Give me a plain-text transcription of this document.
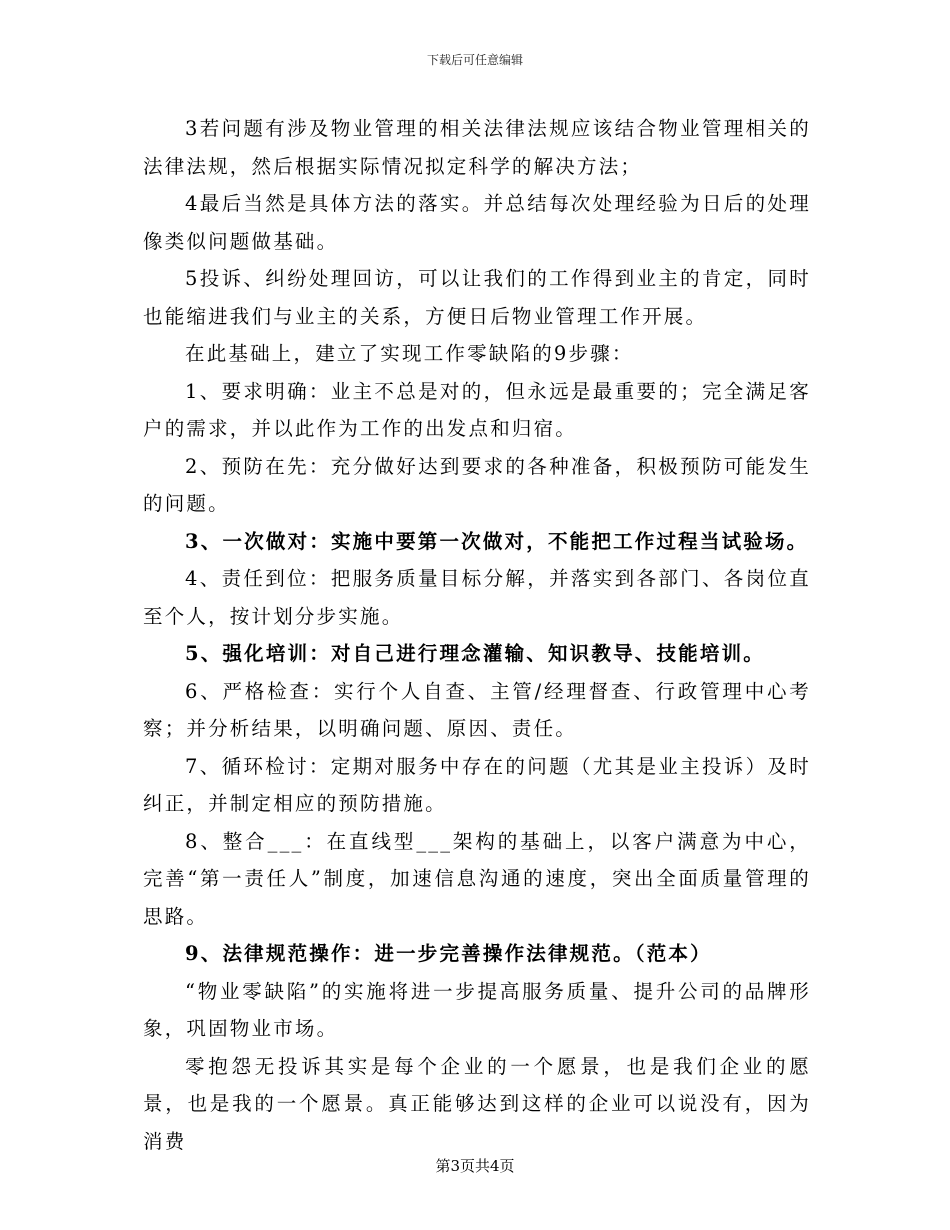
下载后可任意编辑

3若问题有涉及物业管理的相关法律法规应该结合物业管理相关的法律法规，然后根据实际情况拟定科学的解决方法；

4最后当然是具体方法的落实。并总结每次处理经验为日后的处理像类似问题做基础。

5投诉、纠纷处理回访，可以让我们的工作得到业主的肯定，同时也能缩进我们与业主的关系，方便日后物业管理工作开展。

在此基础上，建立了实现工作零缺陷的9步骤：

1、要求明确：业主不总是对的，但永远是最重要的；完全满足客户的需求，并以此作为工作的出发点和归宿。

2、预防在先：充分做好达到要求的各种准备，积极预防可能发生的问题。

3、一次做对：实施中要第一次做对，不能把工作过程当试验场。

4、责任到位：把服务质量目标分解，并落实到各部门、各岗位直至个人，按计划分步实施。

5、强化培训：对自己进行理念灌输、知识教导、技能培训。

6、严格检查：实行个人自查、主管/经理督查、行政管理中心考察；并分析结果，以明确问题、原因、责任。

7、循环检讨：定期对服务中存在的问题（尤其是业主投诉）及时纠正，并制定相应的预防措施。

8、整合___：在直线型___架构的基础上，以客户满意为中心，完善“第一责任人”制度，加速信息沟通的速度，突出全面质量管理的思路。

9、法律规范操作：进一步完善操作法律规范。（范本）

“物业零缺陷”的实施将进一步提高服务质量、提升公司的品牌形象，巩固物业市场。

零抱怨无投诉其实是每个企业的一个愿景，也是我们企业的愿景，也是我的一个愿景。真正能够达到这样的企业可以说没有，因为消费

第3页共4页
